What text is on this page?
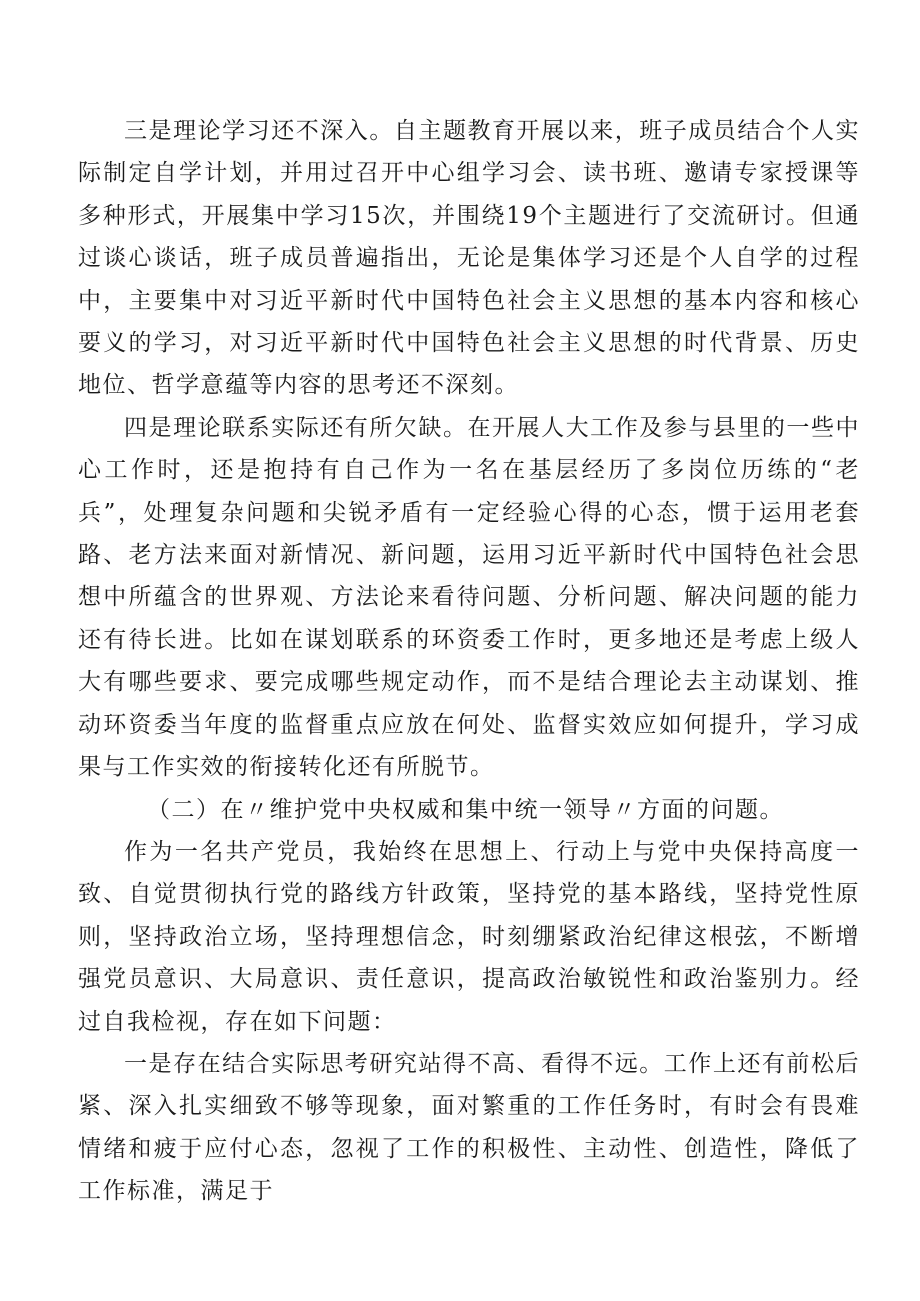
三是理论学习还不深入。自主题教育开展以来，班子成员结合个人实际制定自学计划，并用过召开中心组学习会、读书班、邀请专家授课等多种形式，开展集中学习15次，并围绕19个主题进行了交流研讨。但通过谈心谈话，班子成员普遍指出，无论是集体学习还是个人自学的过程中，主要集中对习近平新时代中国特色社会主义思想的基本内容和核心要义的学习，对习近平新时代中国特色社会主义思想的时代背景、历史地位、哲学意蕴等内容的思考还不深刻。

四是理论联系实际还有所欠缺。在开展人大工作及参与县里的一些中心工作时，还是抱持有自己作为一名在基层经历了多岗位历练的“老兵”，处理复杂问题和尖锐矛盾有一定经验心得的心态，惯于运用老套路、老方法来面对新情况、新问题，运用习近平新时代中国特色社会思想中所蕴含的世界观、方法论来看待问题、分析问题、解决问题的能力还有待长进。比如在谋划联系的环资委工作时，更多地还是考虑上级人大有哪些要求、要完成哪些规定动作，而不是结合理论去主动谋划、推动环资委当年度的监督重点应放在何处、监督实效应如何提升，学习成果与工作实效的衔接转化还有所脱节。

（二）在〃维护党中央权威和集中统一领导〃方面的问题。

作为一名共产党员，我始终在思想上、行动上与党中央保持高度一致、自觉贯彻执行党的路线方针政策，坚持党的基本路线，坚持党性原则，坚持政治立场，坚持理想信念，时刻绷紧政治纪律这根弦，不断增强党员意识、大局意识、责任意识，提高政治敏锐性和政治鉴别力。经过自我检视，存在如下问题：

一是存在结合实际思考研究站得不高、看得不远。工作上还有前松后紧、深入扎实细致不够等现象，面对繁重的工作任务时，有时会有畏难情绪和疲于应付心态，忽视了工作的积极性、主动性、创造性，降低了工作标准，满足于
